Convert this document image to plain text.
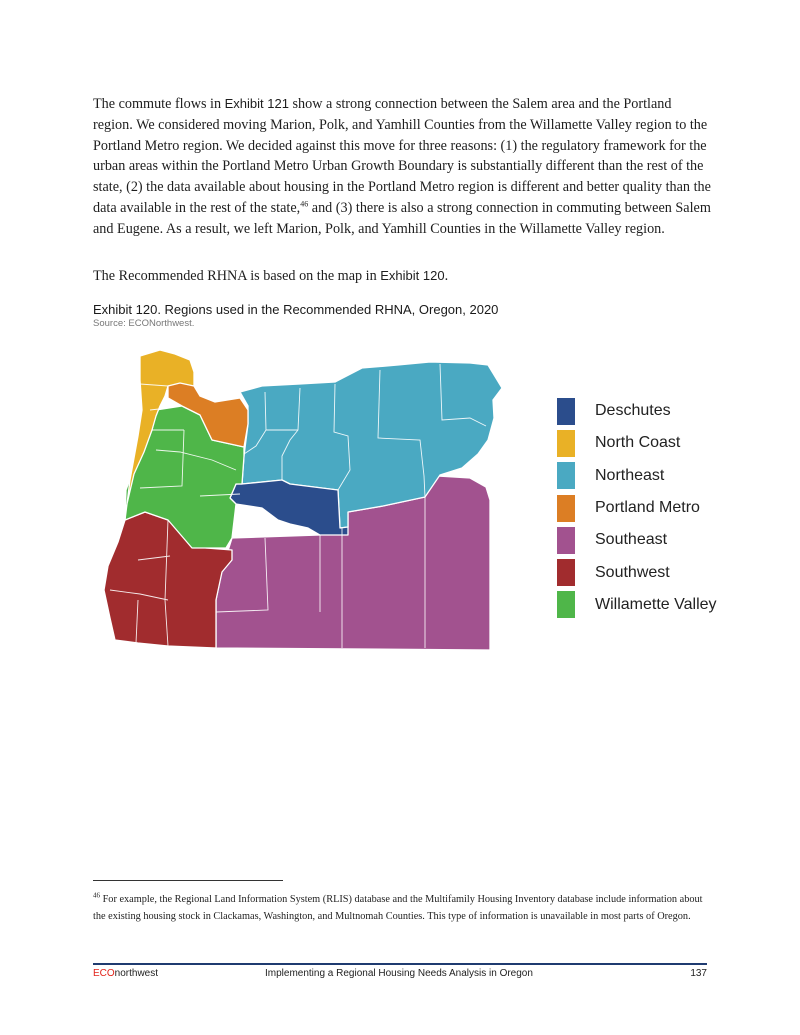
The commute flows in Exhibit 121 show a strong connection between the Salem area and the Portland region. We considered moving Marion, Polk, and Yamhill Counties from the Willamette Valley region to the Portland Metro region. We decided against this move for three reasons: (1) the regulatory framework for the urban areas within the Portland Metro Urban Growth Boundary is substantially different than the rest of the state, (2) the data available about housing in the Portland Metro region is different and better quality than the data available in the rest of the state,$^{46}$ and (3) there is also a strong connection in commuting between Salem and Eugene. As a result, we left Marion, Polk, and Yamhill Counties in the Willamette Valley region.

The Recommended RHNA is based on the map in Exhibit 120.

Exhibit 120. Regions used in the Recommended RHNA, Oregon, 2020
Source: ECONorthwest.
Deschutes
North Coast
Northeast
Portland Metro
Southeast
Southwest
Willamette Valley
$^{46}$ For example, the Regional Land Information System (RLIS) database and the Multifamily Housing Inventory database include information about the existing housing stock in Clackamas, Washington, and Multnomah Counties. This type of information is unavailable in most parts of Oregon.
ECOnorthwest	Implementing a Regional Housing Needs Analysis in Oregon	137
